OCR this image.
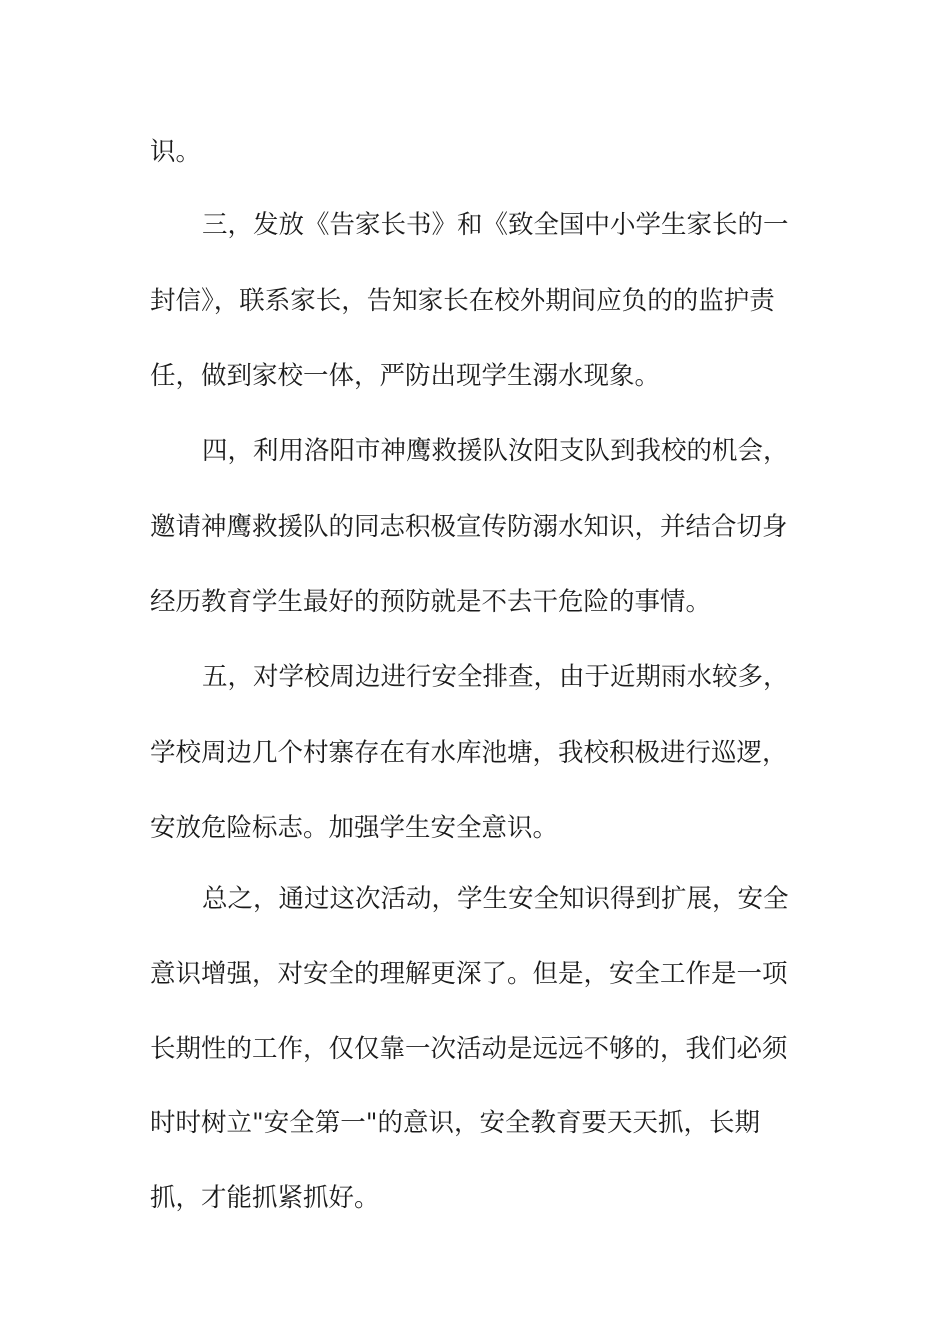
识。
三，发放《告家长书》和《致全国中小学生家长的一
封信》，联系家长，告知家长在校外期间应负的的监护责
任，做到家校一体，严防出现学生溺水现象。
四，利用洛阳市神鹰救援队汝阳支队到我校的机会，
邀请神鹰救援队的同志积极宣传防溺水知识，并结合切身
经历教育学生最好的预防就是不去干危险的事情。
五，对学校周边进行安全排查，由于近期雨水较多，
学校周边几个村寨存在有水库池塘，我校积极进行巡逻，
安放危险标志。加强学生安全意识。
总之，通过这次活动，学生安全知识得到扩展，安全
意识增强，对安全的理解更深了。但是，安全工作是一项
长期性的工作，仅仅靠一次活动是远远不够的，我们必须
时时树立"安全第一"的意识，安全教育要天天抓，长期
抓，才能抓紧抓好。
